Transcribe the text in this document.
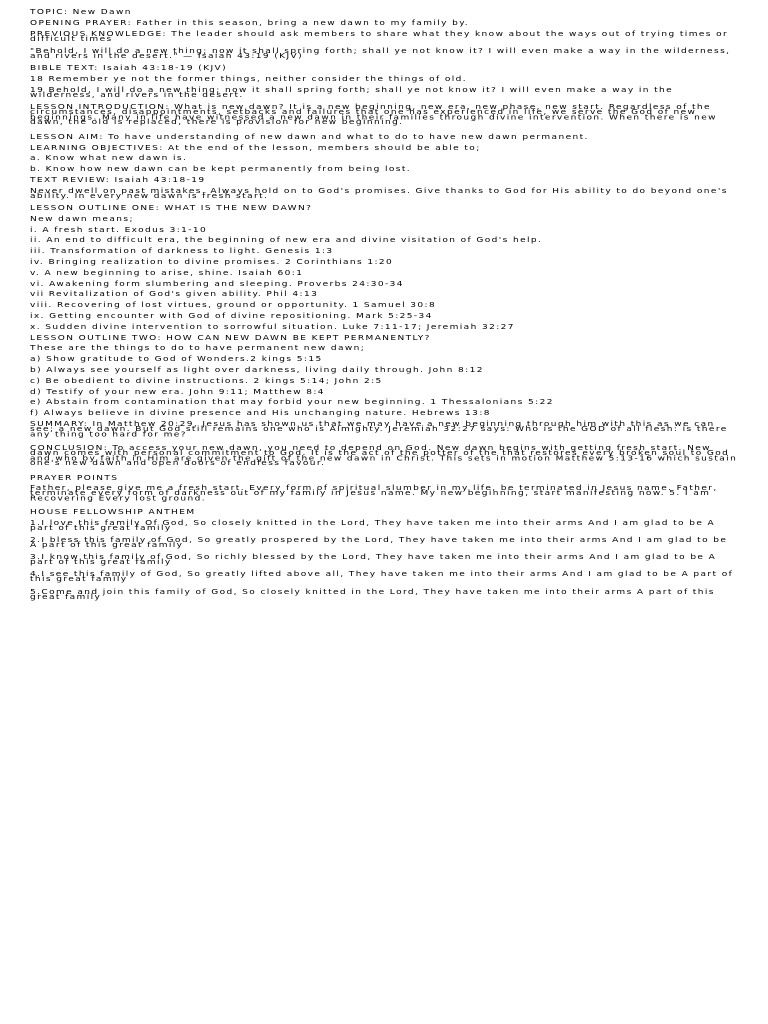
TOPIC: New Dawn
OPENING PRAYER: Father in this season, bring a new dawn to my family by.
PREVIOUS KNOWLEDGE: The leader should ask members to share what they know about the ways out of trying times or difficult times
"Behold, I will do a new thing; now it shall spring forth; shall ye not know it? I will even make a way in the wilderness, and rivers in the desert." — Isaiah 43:19 (KJV)
BIBLE TEXT: Isaiah 43:18-19 (KJV)
18 Remember ye not the former things, neither consider the things of old.
19 Behold, I will do a new thing; now it shall spring forth; shall ye not know it? I will even make a way in the wilderness, and rivers in the desert.
LESSON INTRODUCTION: What is new dawn? It is a new beginning, new era, new phase, new start. Regardless of the circumstances, disappointments, setbacks and failures that one has experienced in life, we serve the God of new beginnings. Many in life have witnessed a new dawn in their families through divine intervention. When there is new dawn, the old is replaced, there is provision for new beginning.
LESSON AIM: To have understanding of new dawn and what to do to have new dawn permanent.
LEARNING OBJECTIVES: At the end of the lesson, members should be able to;
a. Know what new dawn is.
b. Know how new dawn can be kept permanently from being lost.
TEXT REVIEW: Isaiah 43:18-19
Never dwell on past mistakes. Always hold on to God's promises. Give thanks to God for His ability to do beyond one's ability. In every new dawn is fresh start.
LESSON OUTLINE ONE: WHAT IS THE NEW DAWN?
New dawn means;
i. A fresh start. Exodus 3:1-10
ii. An end to difficult era, the beginning of new era and divine visitation of God's help.
iii. Transformation of darkness to light. Genesis 1:3
iv. Bringing realization to divine promises. 2 Corinthians 1:20
v. A new beginning to arise, shine. Isaiah 60:1
vi. Awakening form slumbering and sleeping. Proverbs 24:30-34
vii Revitalization of God's given ability. Phil 4:13
viii. Recovering of lost virtues, ground or opportunity. 1 Samuel 30:8
ix. Getting encounter with God of divine repositioning. Mark 5:25-34
x. Sudden divine intervention to sorrowful situation. Luke 7:11-17; Jeremiah 32:27
LESSON OUTLINE TWO: HOW CAN NEW DAWN BE KEPT PERMANENTLY?
These are the things to do to have permanent new dawn;
a) Show gratitude to God of Wonders.2 kings 5:15
b) Always see yourself as light over darkness, living daily through. John 8:12
c) Be obedient to divine instructions. 2 kings 5:14; John 2:5
d) Testify of your new era. John 9:11; Matthew 8:4
e) Abstain from contamination that may forbid your new beginning. 1 Thessalonians 5:22
f) Always believe in divine presence and His unchanging nature. Hebrews 13:8
SUMMARY: In Matthew 20:29, Jesus has shown us that we may have a new beginning through him with this as we can see; a new dawn. But God still remains one who is Almighty. Jeremiah 32:27 says: Who is the GOD of all flesh: is there any thing too hard for me?
CONCLUSION: To access your new dawn, you need to depend on God. New dawn begins with getting fresh start. New dawn comes with personal commitment to God. It is the act of the potter of the that restores every broken soul to God and who by faith in Him are given the gift of the new dawn in Christ. This sets in motion Matthew 5:13-16 which sustain one's new dawn and open doors of endless favour.
PRAYER POINTS
Father, please give me a fresh start. Every form of spiritual slumber in my life, be terminated in Jesus name. Father, terminate every form of darkness out of my family in Jesus name. My new beginning, start manifesting now. 5. I am Recovering Every lost ground.
HOUSE FELLOWSHIP ANTHEM
1.I love this family Of God, So closely knitted in the Lord, They have taken me into their arms And I am glad to be A part of this great family
2.I bless this family of God, So greatly prospered by the Lord, They have taken me into their arms And I am glad to be A part of this great family
3.I know this family of God, So richly blessed by the Lord, They have taken me into their arms And I am glad to be A part of this great family
4.I see this family of God, So greatly lifted above all, They have taken me into their arms And I am glad to be A part of this great family
5.Come and join this family of God, So closely knitted in the Lord, They have taken me into their arms A part of this great family
